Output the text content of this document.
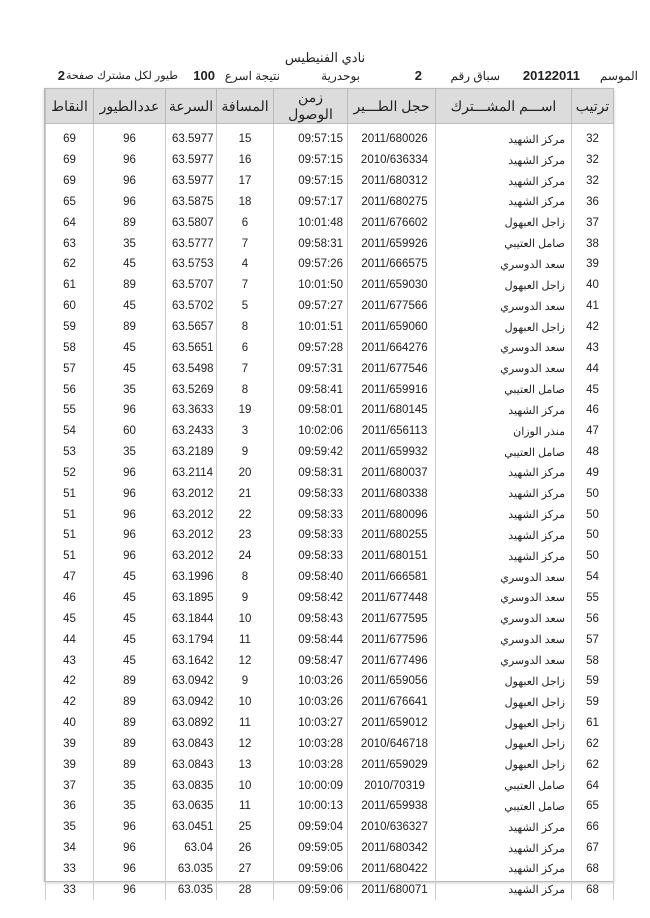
نادي الفنيطيس
الموسم
20122011
سباق رقم
2
بوحدرية
نتيجة اسرع
100
طيور لكل مشترك صفحة
2
ترتيب	اســـم المشـــترك	حجل الطـــير	زمن الوصول	المسافة	السرعة	عددالطيور	النقاط

32	مركز الشهيد	2011/680026	09:57:15	15	63.5977	96	69
32	مركز الشهيد	2010/636334	09:57:15	16	63.5977	96	69
32	مركز الشهيد	2011/680312	09:57:15	17	63.5977	96	69
36	مركز الشهيد	2011/680275	09:57:17	18	63.5875	96	65
37	زاجل العبهول	2011/676602	10:01:48	6	63.5807	89	64
38	صامل العتيبي	2011/659926	09:58:31	7	63.5777	35	63
39	سعد الدوسري	2011/666575	09:57:26	4	63.5753	45	62
40	زاجل العبهول	2011/659030	10:01:50	7	63.5707	89	61
41	سعد الدوسري	2011/677566	09:57:27	5	63.5702	45	60
42	زاجل العبهول	2011/659060	10:01:51	8	63.5657	89	59
43	سعد الدوسري	2011/664276	09:57:28	6	63.5651	45	58
44	سعد الدوسري	2011/677546	09:57:31	7	63.5498	45	57
45	صامل العتيبي	2011/659916	09:58:41	8	63.5269	35	56
46	مركز الشهيد	2011/680145	09:58:01	19	63.3633	96	55
47	منذر الوزان	2011/656113	10:02:06	3	63.2433	60	54
48	صامل العتيبي	2011/659932	09:59:42	9	63.2189	35	53
49	مركز الشهيد	2011/680037	09:58:31	20	63.2114	96	52
50	مركز الشهيد	2011/680338	09:58:33	21	63.2012	96	51
50	مركز الشهيد	2011/680096	09:58:33	22	63.2012	96	51
50	مركز الشهيد	2011/680255	09:58:33	23	63.2012	96	51
50	مركز الشهيد	2011/680151	09:58:33	24	63.2012	96	51
54	سعد الدوسري	2011/666581	09:58:40	8	63.1996	45	47
55	سعد الدوسري	2011/677448	09:58:42	9	63.1895	45	46
56	سعد الدوسري	2011/677595	09:58:43	10	63.1844	45	45
57	سعد الدوسري	2011/677596	09:58:44	11	63.1794	45	44
58	سعد الدوسري	2011/677496	09:58:47	12	63.1642	45	43
59	زاجل العبهول	2011/659056	10:03:26	9	63.0942	89	42
59	زاجل العبهول	2011/676641	10:03:26	10	63.0942	89	42
61	زاجل العبهول	2011/659012	10:03:27	11	63.0892	89	40
62	زاجل العبهول	2010/646718	10:03:28	12	63.0843	89	39
62	زاجل العبهول	2011/659029	10:03:28	13	63.0843	89	39
64	صامل العتيبي	2010/70319	10:00:09	10	63.0835	35	37
65	صامل العتيبي	2011/659938	10:00:13	11	63.0635	35	36
66	مركز الشهيد	2010/636327	09:59:04	25	63.0451	96	35
67	مركز الشهيد	2011/680342	09:59:05	26	63.04	96	34
68	مركز الشهيد	2011/680422	09:59:06	27	63.035	96	33
68	مركز الشهيد	2011/680071	09:59:06	28	63.035	96	33
